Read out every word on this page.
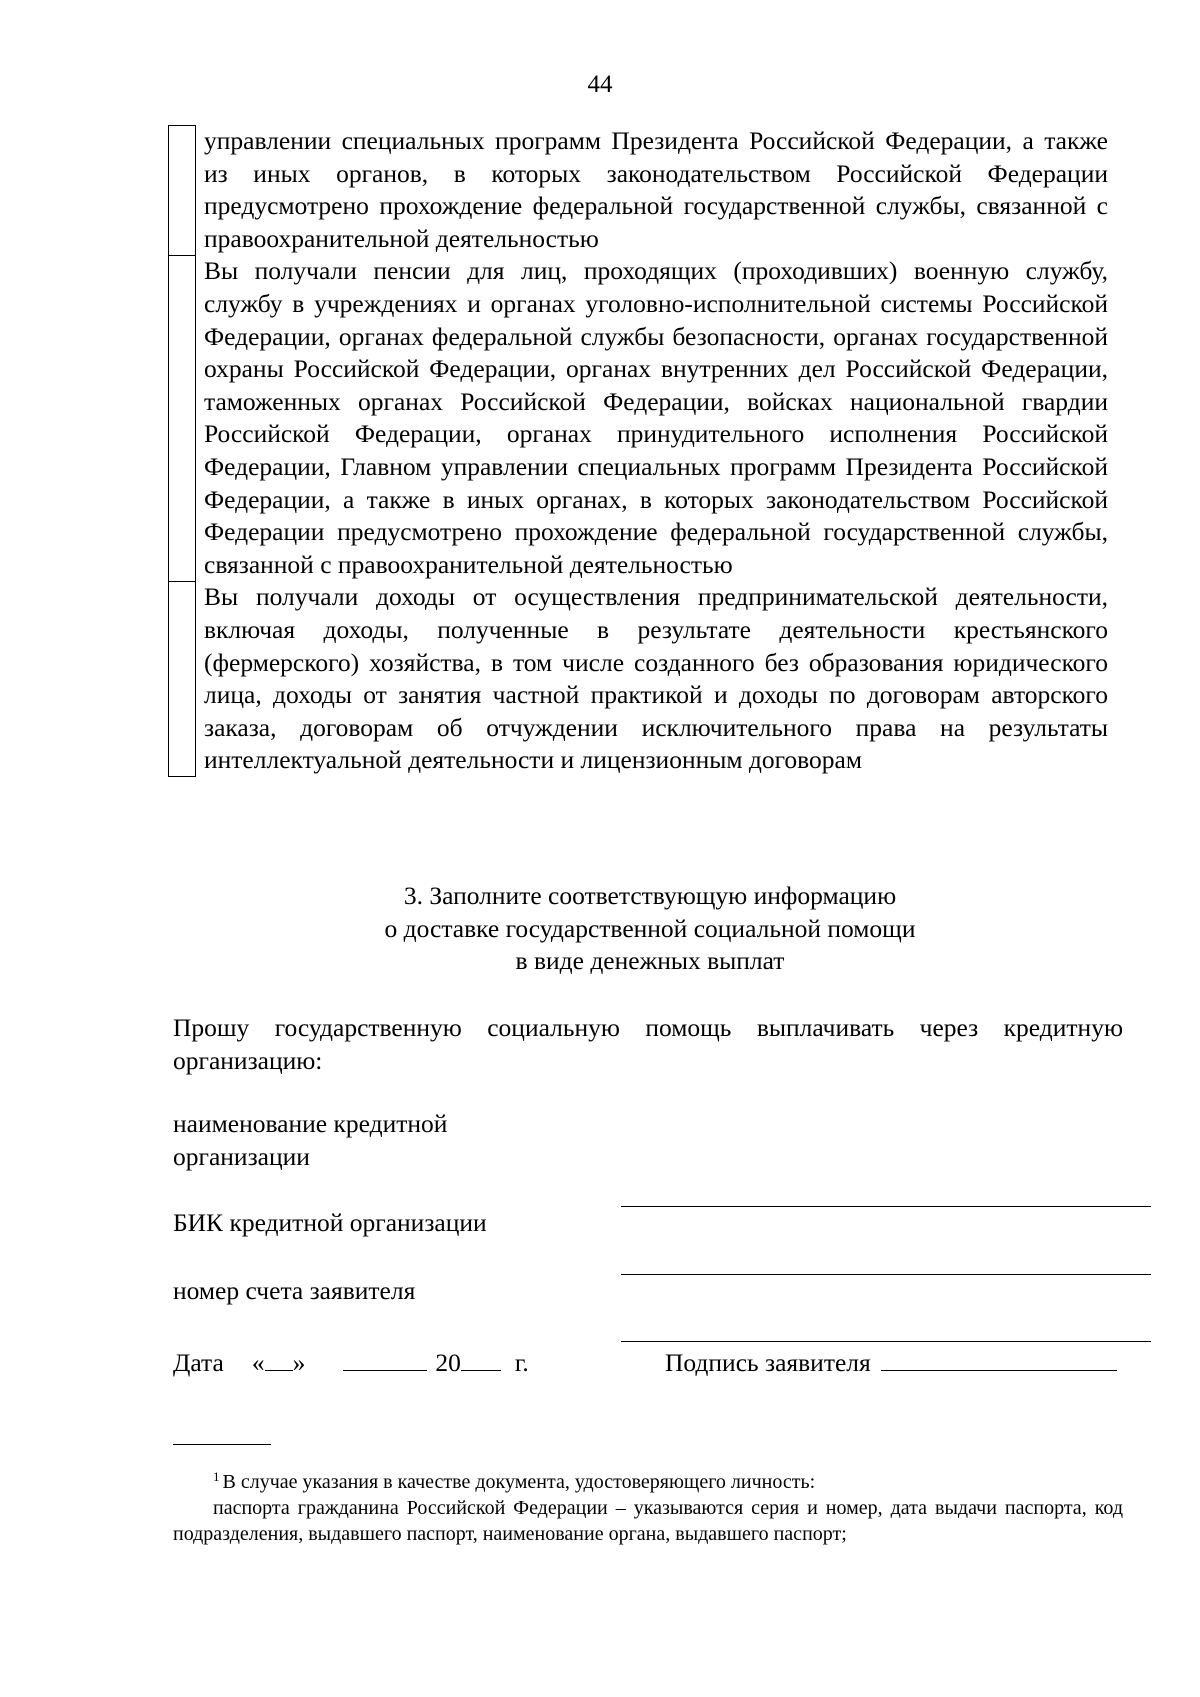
44
управлении специальных программ Президента Российской Федерации, а также из иных органов, в которых законодательством Российской Федерации предусмотрено прохождение федеральной государственной службы, связанной с правоохранительной деятельностью
Вы получали пенсии для лиц, проходящих (проходивших) военную службу, службу в учреждениях и органах уголовно-исполнительной системы Российской Федерации, органах федеральной службы безопасности, органах государственной охраны Российской Федерации, органах внутренних дел Российской Федерации, таможенных органах Российской Федерации, войсках национальной гвардии Российской Федерации, органах принудительного исполнения Российской Федерации, Главном управлении специальных программ Президента Российской Федерации, а также в иных органах, в которых законодательством Российской Федерации предусмотрено прохождение федеральной государственной службы, связанной с правоохранительной деятельностью
Вы получали доходы от осуществления предпринимательской деятельности, включая доходы, полученные в результате деятельности крестьянского (фермерского) хозяйства, в том числе созданного без образования юридического лица, доходы от занятия частной практикой и доходы по договорам авторского заказа, договорам об отчуждении исключительного права на результаты интеллектуальной деятельности и лицензионным договорам
3. Заполните соответствующую информацию
о доставке государственной социальной помощи
в виде денежных выплат
Прошу государственную социальную помощь выплачивать через кредитную организацию:
наименование кредитной
организации
БИК кредитной организации
номер счета заявителя
Дата « »	20 г.	Подпись заявителя

$^1$ В случае указания в качестве документа, удостоверяющего личность:

паспорта гражданина Российской Федерации – указываются серия и номер, дата выдачи паспорта, код подразделения, выдавшего паспорт, наименование органа, выдавшего паспорт;
